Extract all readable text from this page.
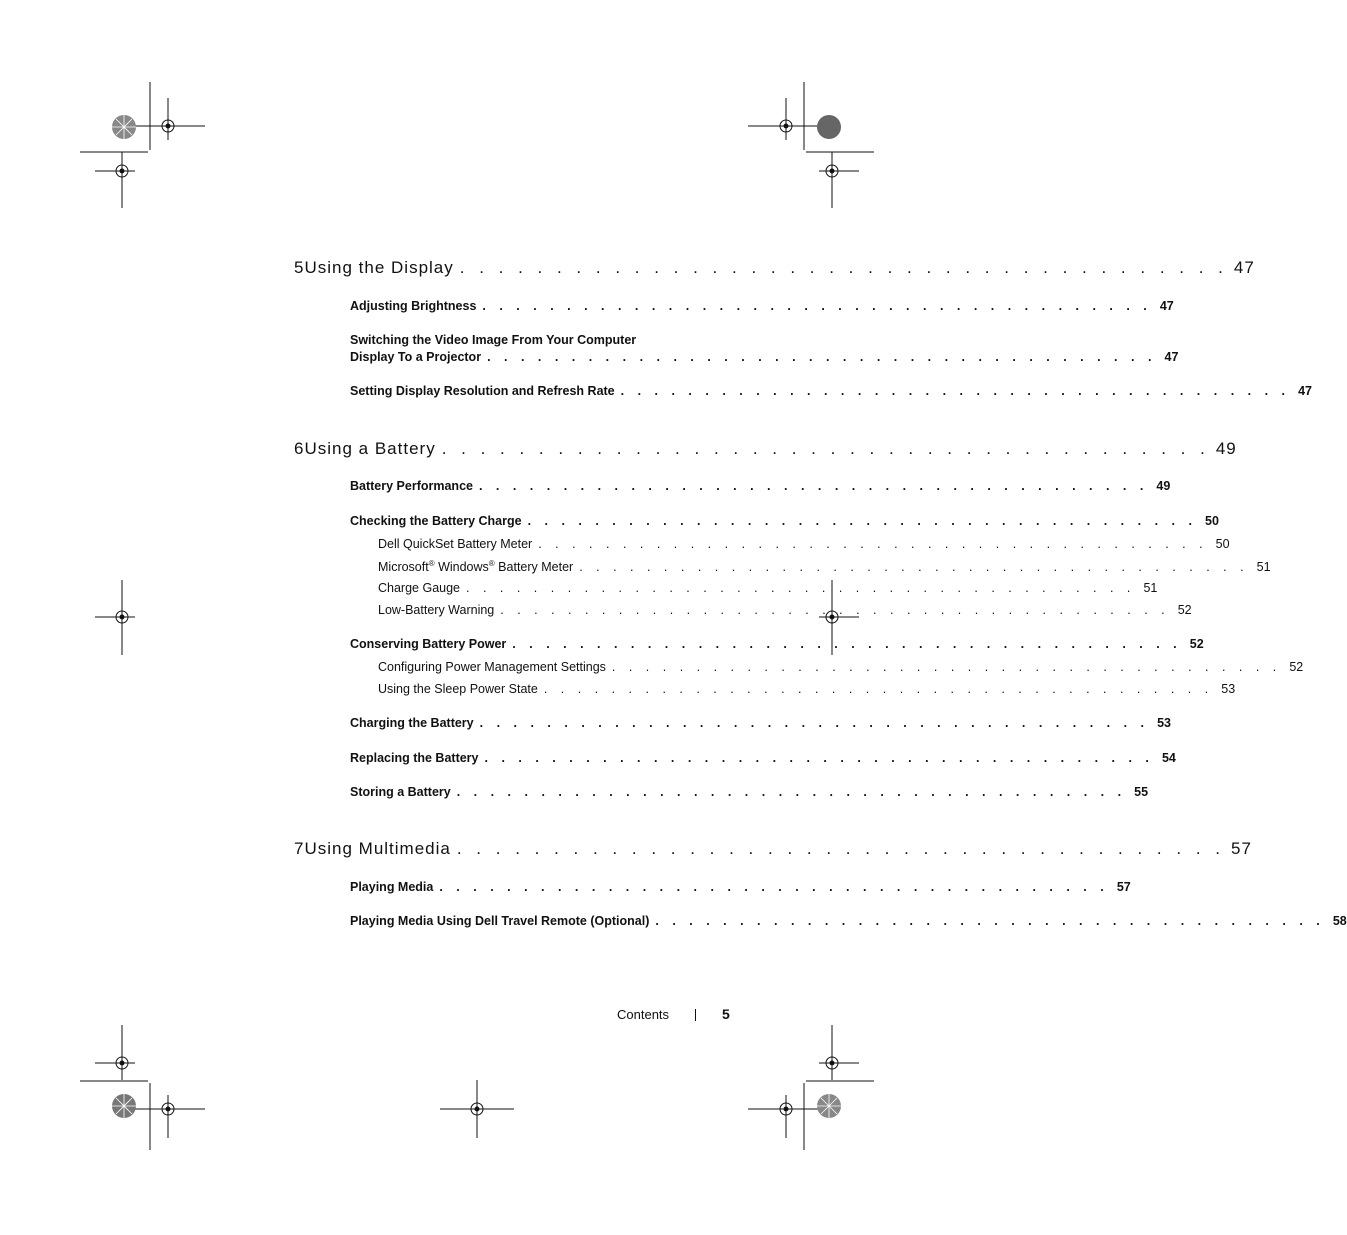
5 Using the Display . . . . . . . . . . . . . . . . . . . . . . . . . . . . . . . . . . . . . . . . 47
Adjusting Brightness . . . . . . . . . . . . . . . . . . . . . . . . . . . . . . . . . . . . . . . . 47
Switching the Video Image From Your Computer
Display To a Projector . . . . . . . . . . . . . . . . . . . . . . . . . . . . . . . . . . . . . . . . 47
Setting Display Resolution and Refresh Rate . . . . . . . . . . . . . . . . . . . . . . . . . . . . . . . . . . . . . . . . 47
6 Using a Battery . . . . . . . . . . . . . . . . . . . . . . . . . . . . . . . . . . . . . . . . 49
Battery Performance . . . . . . . . . . . . . . . . . . . . . . . . . . . . . . . . . . . . . . . . 49
Checking the Battery Charge . . . . . . . . . . . . . . . . . . . . . . . . . . . . . . . . . . . . . . . . 50
Dell QuickSet Battery Meter . . . . . . . . . . . . . . . . . . . . . . . . . . . . . . . . . . . . . . . . 50
Microsoft® Windows® Battery Meter . . . . . . . . . . . . . . . . . . . . . . . . . . . . . . . . . . . . . . . . 51
Charge Gauge . . . . . . . . . . . . . . . . . . . . . . . . . . . . . . . . . . . . . . . . 51
Low-Battery Warning . . . . . . . . . . . . . . . . . . . . . . . . . . . . . . . . . . . . . . . . 52
Conserving Battery Power . . . . . . . . . . . . . . . . . . . . . . . . . . . . . . . . . . . . . . . . 52
Configuring Power Management Settings . . . . . . . . . . . . . . . . . . . . . . . . . . . . . . . . . . . . . . . . 52
Using the Sleep Power State . . . . . . . . . . . . . . . . . . . . . . . . . . . . . . . . . . . . . . . . 53
Charging the Battery . . . . . . . . . . . . . . . . . . . . . . . . . . . . . . . . . . . . . . . . 53
Replacing the Battery . . . . . . . . . . . . . . . . . . . . . . . . . . . . . . . . . . . . . . . . 54
Storing a Battery . . . . . . . . . . . . . . . . . . . . . . . . . . . . . . . . . . . . . . . . 55
7 Using Multimedia . . . . . . . . . . . . . . . . . . . . . . . . . . . . . . . . . . . . . . . . 57
Playing Media . . . . . . . . . . . . . . . . . . . . . . . . . . . . . . . . . . . . . . . . 57
Playing Media Using Dell Travel Remote (Optional) . . . . . . . . . . . . . . . . . . . . . . . . . . . . . . . . . . . . . . . . 58
Contents	5
